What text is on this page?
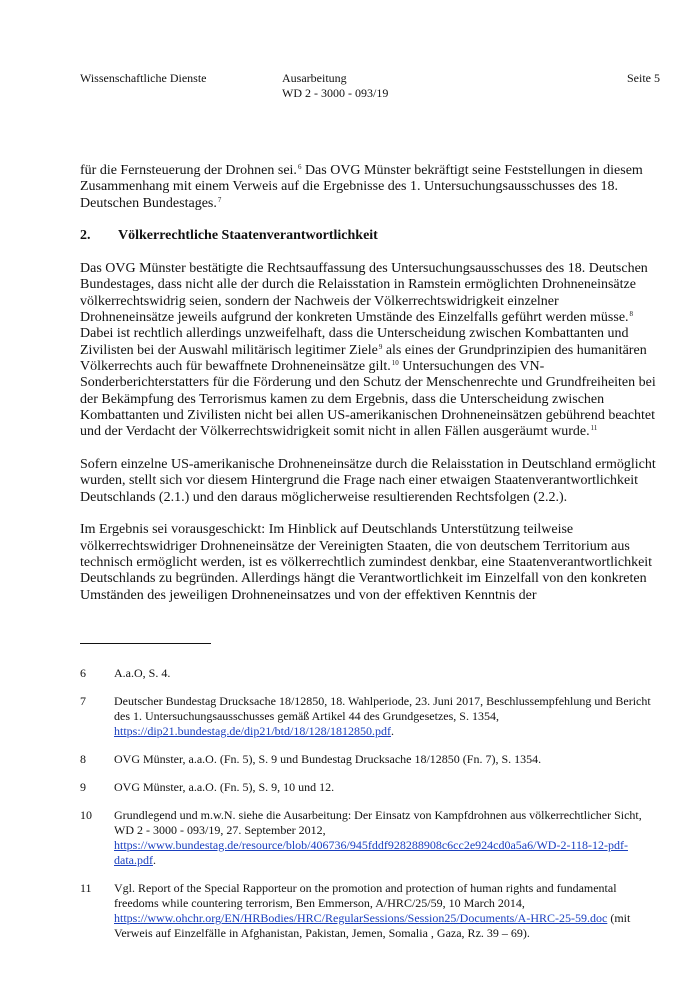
Wissenschaftliche Dienste	Ausarbeitung
WD 2 - 3000 - 093/19
Seite 5

für die Fernsteuerung der Drohnen sei.$^6$ Das OVG Münster bekräftigt seine Feststellungen in diesem Zusammenhang mit einem Verweis auf die Ergebnisse des 1. Untersuchungsausschusses des 18. Deutschen Bundestages.$^7$

2.	Völkerrechtliche Staatenverantwortlichkeit

Das OVG Münster bestätigte die Rechtsauffassung des Untersuchungsausschusses des 18. Deutschen Bundestages, dass nicht alle der durch die Relaisstation in Ramstein ermöglichten Drohneneinsätze völkerrechtswidrig seien, sondern der Nachweis der Völkerrechtswidrigkeit einzelner Drohneneinsätze jeweils aufgrund der konkreten Umstände des Einzelfalls geführt werden müsse.$^8$ Dabei ist rechtlich allerdings unzweifelhaft, dass die Unterscheidung zwischen Kombattanten und Zivilisten bei der Auswahl militärisch legitimer Ziele$^9$ als eines der Grundprinzipien des humanitären Völkerrechts auch für bewaffnete Drohneneinsätze gilt.$^{10}$ Untersuchungen des VN-Sonderberichterstatters für die Förderung und den Schutz der Menschenrechte und Grundfreiheiten bei der Bekämpfung des Terrorismus kamen zu dem Ergebnis, dass die Unterscheidung zwischen Kombattanten und Zivilisten nicht bei allen US-amerikanischen Drohneneinsätzen gebührend beachtet und der Verdacht der Völkerrechtswidrigkeit somit nicht in allen Fällen ausgeräumt wurde.$^{11}$

Sofern einzelne US-amerikanische Drohneneinsätze durch die Relaisstation in Deutschland ermöglicht wurden, stellt sich vor diesem Hintergrund die Frage nach einer etwaigen Staatenverantwortlichkeit Deutschlands (2.1.) und den daraus möglicherweise resultierenden Rechtsfolgen (2.2.).

Im Ergebnis sei vorausgeschickt: Im Hinblick auf Deutschlands Unterstützung teilweise völkerrechtswidriger Drohneneinsätze der Vereinigten Staaten, die von deutschem Territorium aus technisch ermöglicht werden, ist es völkerrechtlich zumindest denkbar, eine Staatenverantwortlichkeit Deutschlands zu begründen. Allerdings hängt die Verantwortlichkeit im Einzelfall von den konkreten Umständen des jeweiligen Drohneneinsatzes und von der effektiven Kenntnis der

6	A.a.O, S. 4.
7	Deutscher Bundestag Drucksache 18/12850, 18. Wahlperiode, 23. Juni 2017, Beschlussempfehlung und Bericht des 1. Untersuchungsausschusses gemäß Artikel 44 des Grundgesetzes, S. 1354, https://dip21.bundestag.de/dip21/btd/18/128/1812850.pdf.
8	OVG Münster, a.a.O. (Fn. 5), S. 9 und Bundestag Drucksache 18/12850 (Fn. 7), S. 1354.
9	OVG Münster, a.a.O. (Fn. 5), S. 9, 10 und 12.
10	Grundlegend und m.w.N. siehe die Ausarbeitung: Der Einsatz von Kampfdrohnen aus völkerrechtlicher Sicht, WD 2 - 3000 - 093/19, 27. September 2012, https://www.bundestag.de/resource/blob/406736/945fddf928288908c6cc2e924cd0a5a6/WD-2-118-12-pdf-data.pdf.
11	Vgl. Report of the Special Rapporteur on the promotion and protection of human rights and fundamental freedoms while countering terrorism, Ben Emmerson, A/HRC/25/59, 10 March 2014, https://www.ohchr.org/EN/HRBodies/HRC/RegularSessions/Session25/Documents/A-HRC-25-59.doc (mit Verweis auf Einzelfälle in Afghanistan, Pakistan, Jemen, Somalia , Gaza, Rz. 39 – 69).
